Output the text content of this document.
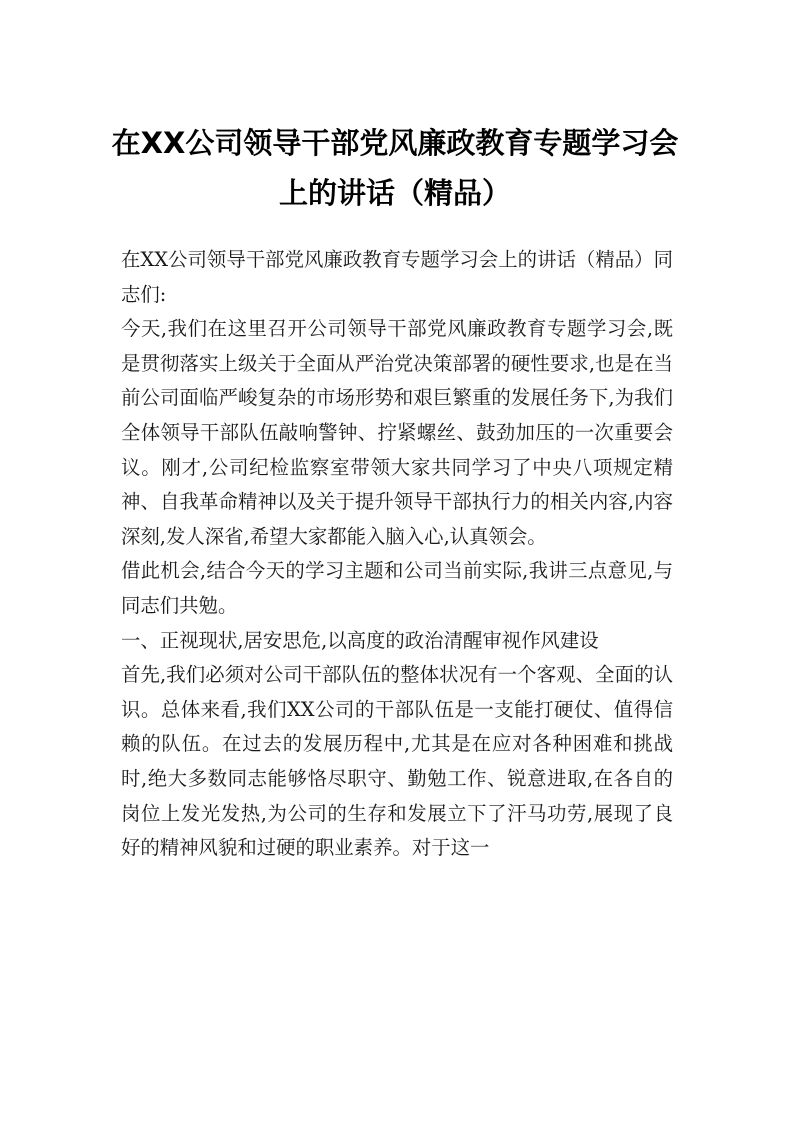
在XX公司领导干部党风廉政教育专题学习会上的讲话（精品）

在XX公司领导干部党风廉政教育专题学习会上的讲话（精品）同志们:

今天,我们在这里召开公司领导干部党风廉政教育专题学习会,既是贯彻落实上级关于全面从严治党决策部署的硬性要求,也是在当前公司面临严峻复杂的市场形势和艰巨繁重的发展任务下,为我们全体领导干部队伍敲响警钟、拧紧螺丝、鼓劲加压的一次重要会议。刚才,公司纪检监察室带领大家共同学习了中央八项规定精神、自我革命精神以及关于提升领导干部执行力的相关内容,内容深刻,发人深省,希望大家都能入脑入心,认真领会。

借此机会,结合今天的学习主题和公司当前实际,我讲三点意见,与同志们共勉。

一、正视现状,居安思危,以高度的政治清醒审视作风建设

首先,我们必须对公司干部队伍的整体状况有一个客观、全面的认识。总体来看,我们XX公司的干部队伍是一支能打硬仗、值得信赖的队伍。在过去的发展历程中,尤其是在应对各种困难和挑战时,绝大多数同志能够恪尽职守、勤勉工作、锐意进取,在各自的岗位上发光发热,为公司的生存和发展立下了汗马功劳,展现了良好的精神风貌和过硬的职业素养。对于这一
